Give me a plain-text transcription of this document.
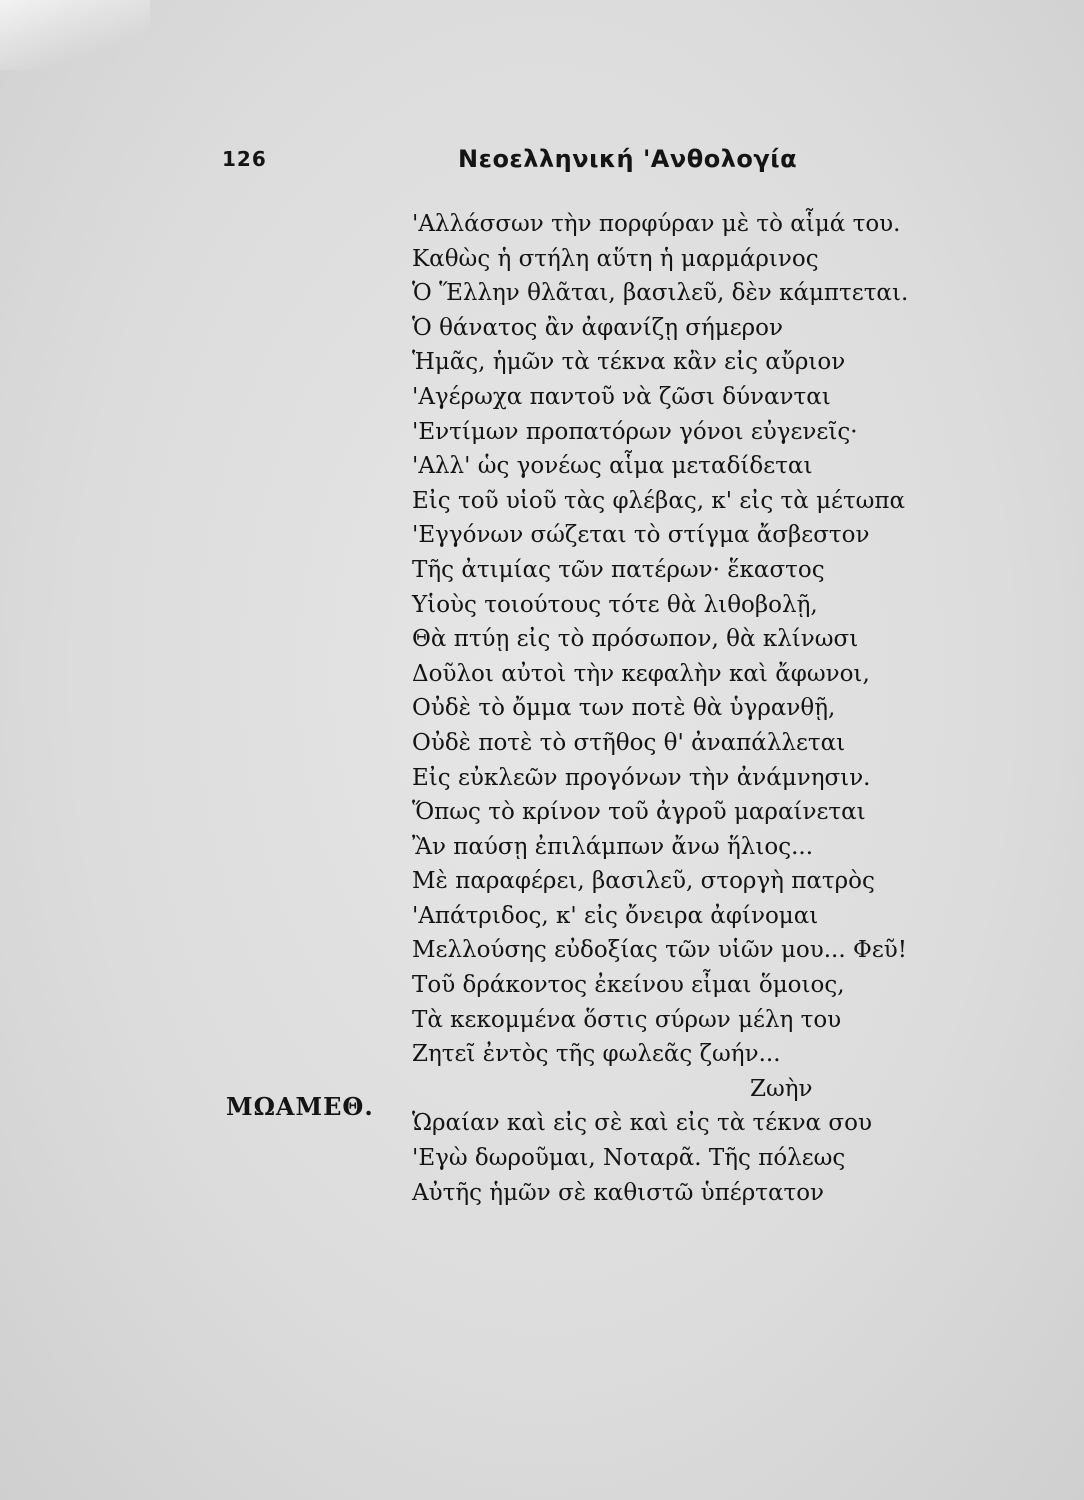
126	Νεοελληνική 'Ανθολογία
'Αλλάσσων τὴν πορφύραν μὲ τὸ αἷμά του.
Καθὼς ἡ στήλη αὕτη ἡ μαρμάρινος
Ὁ Ἕλλην θλᾶται, βασιλεῦ, δὲν κάμπτεται.
Ὁ θάνατος ἂν ἀφανίζῃ σήμερον
Ἡμᾶς, ἡμῶν τὰ τέκνα κἂν εἰς αὔριον
'Αγέρωχα παντοῦ νὰ ζῶσι δύνανται
'Εντίμων προπατόρων γόνοι εὐγενεῖς·
'Αλλ' ὡς γονέως αἷμα μεταδίδεται
Εἰς τοῦ υἱοῦ τὰς φλέβας, κ' εἰς τὰ μέτωπα
'Εγγόνων σώζεται τὸ στίγμα ἄσβεστον
Τῆς ἀτιμίας τῶν πατέρων· ἕκαστος
Υἱοὺς τοιούτους τότε θὰ λιθοβολῇ,
Θὰ πτύῃ εἰς τὸ πρόσωπον, θὰ κλίνωσι
Δοῦλοι αὐτοὶ τὴν κεφαλὴν καὶ ἄφωνοι,
Οὐδὲ τὸ ὄμμα των ποτὲ θὰ ὑγρανθῇ,
Οὐδὲ ποτὲ τὸ στῆθος θ' ἀναπάλλεται
Εἰς εὐκλεῶν προγόνων τὴν ἀνάμνησιν.
Ὅπως τὸ κρίνον τοῦ ἀγροῦ μαραίνεται
Ἂν παύσῃ ἐπιλάμπων ἄνω ἥλιος...
Μὲ παραφέρει, βασιλεῦ, στοργὴ πατρὸς
'Απάτριδος, κ' εἰς ὄνειρα ἀφίνομαι
Μελλούσης εὐδοξίας τῶν υἱῶν μου... Φεῦ!
Τοῦ δράκοντος ἐκείνου εἶμαι ὅμοιος,
Τὰ κεκομμένα ὅστις σύρων μέλη του
Ζητεῖ ἐντὸς τῆς φωλεᾶς ζωήν...
Ζωὴν
Ὡραίαν καὶ εἰς σὲ καὶ εἰς τὰ τέκνα σου
'Εγὼ δωροῦμαι, Νοταρᾶ. Τῆς πόλεως
Αὐτῆς ἡμῶν σὲ καθιστῶ ὑπέρτατον
ΜΩΑΜΕΘ.
